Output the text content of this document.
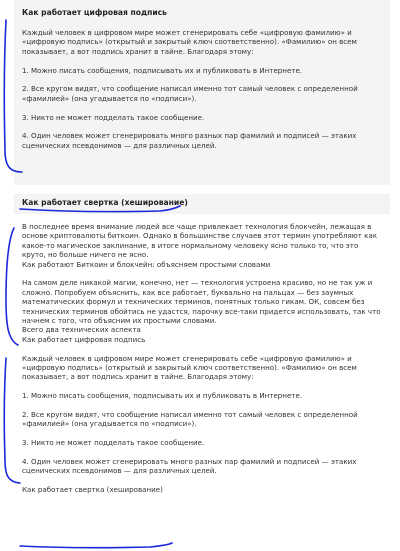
Как работает цифровая подпись

Каждый человек в цифровом мире может сгенерировать себе «цифровую фамилию» и «цифровую подпись» (открытый и закрытый ключ соответственно). «Фамилию» он всем показывает, а вот подпись хранит в тайне. Благодаря этому:

1. Можно писать сообщения, подписывать их и публиковать в Интернете.

2. Все кругом видят, что сообщение написал именно тот самый человек с определенной «фамилией» (она угадывается по «подписи»).

3. Никто не может подделать такое сообщение.

4. Один человек может сгенерировать много разных пар фамилий и подписей — этаких сценических псевдонимов — для различных целей.

Как работает свертка (хеширование)

В последнее время внимание людей все чаще привлекает технология блокчейн, лежащая в основе криптовалюты биткоин. Однако в большинстве случаев этот термин употребляют как какое-то магическое заклинание, в итоге нормальному человеку ясно только то, что это круто, но больше ничего не ясно.

Как работают Биткоин и блокчейн: объясняем простыми словами

На самом деле никакой магии, конечно, нет — технология устроена красиво, но не так уж и сложно. Попробуем объяснить, как все работает, буквально на пальцах — без заумных математических формул и технических терминов, понятных только гикам. ОК, совсем без технических терминов обойтись не удастся, парочку все-таки придется использовать, так что начнем с того, что объясним их простыми словами.

Всего два технических аспекта

Как работает цифровая подпись

Каждый человек в цифровом мире может сгенерировать себе «цифровую фамилию» и «цифровую подпись» (открытый и закрытый ключ соответственно). «Фамилию» он всем показывает, а вот подпись хранит в тайне. Благодаря этому:

1. Можно писать сообщения, подписывать их и публиковать в Интернете.

2. Все кругом видят, что сообщение написал именно тот самый человек с определенной «фамилией» (она угадывается по «подписи»).

3. Никто не может подделать такое сообщение.

4. Один человек может сгенерировать много разных пар фамилий и подписей — этаких сценических псевдонимов — для различных целей.

Как работает свертка (хеширование)
